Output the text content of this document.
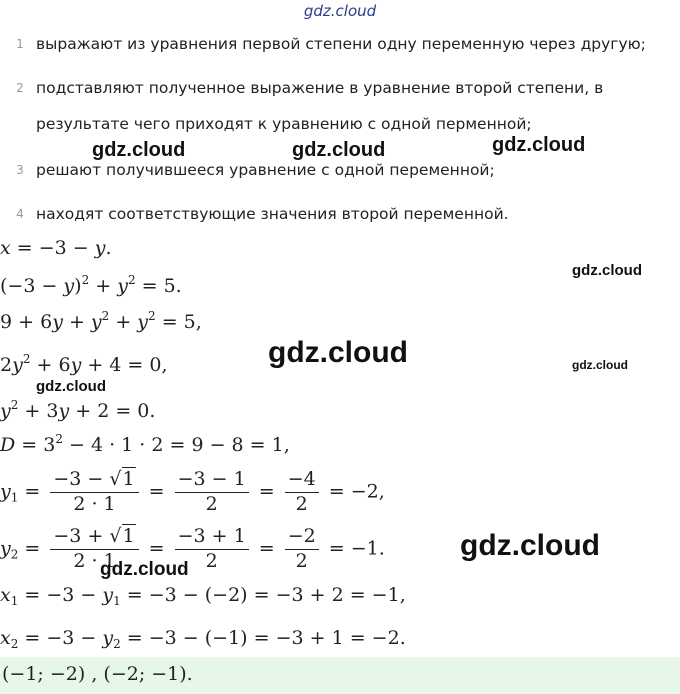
gdz.cloud
1 выражают из уравнения первой степени одну переменную через другую;
2 подставляют полученное выражение в уравнение второй степени, в
результате чего приходят к уравнению с одной перменной;
3 решают получившееся уравнение с одной переменной;
4 находят соответствующие значения второй переменной.
x = −3 − y.
$(-3 - y)^2 + y^2 = 5$.
$9 + 6y + y^2 + y^2 = 5$,
$2y^2 + 6y + 4 = 0$,
$y^2 + 3y + 2 = 0$.
$D = 3^2 - 4 \cdot 1 \cdot 2 = 9 - 8 = 1$,
$y_1 = \frac{-3 - √1}{2 \cdot 1} = \frac{-3 - 1}{2} = \frac{-4}{2} = -2$,
$y_2 = \frac{-3 + √1}{2 \cdot 1} = \frac{-3 + 1}{2} = \frac{-2}{2} = -1$.
$x_1 = -3 - y_1 = -3 - (-2) = -3 + 2 = -1$,
$x_2 = -3 - y_2 = -3 - (-1) = -3 + 1 = -2$.
(−1; −2) , (−2; −1).
gdz.cloud	gdz.cloud	gdz.cloud
gdz.cloud
gdz.cloud	gdz.cloud
gdz.cloud
gdz.cloud
gdz.cloud
